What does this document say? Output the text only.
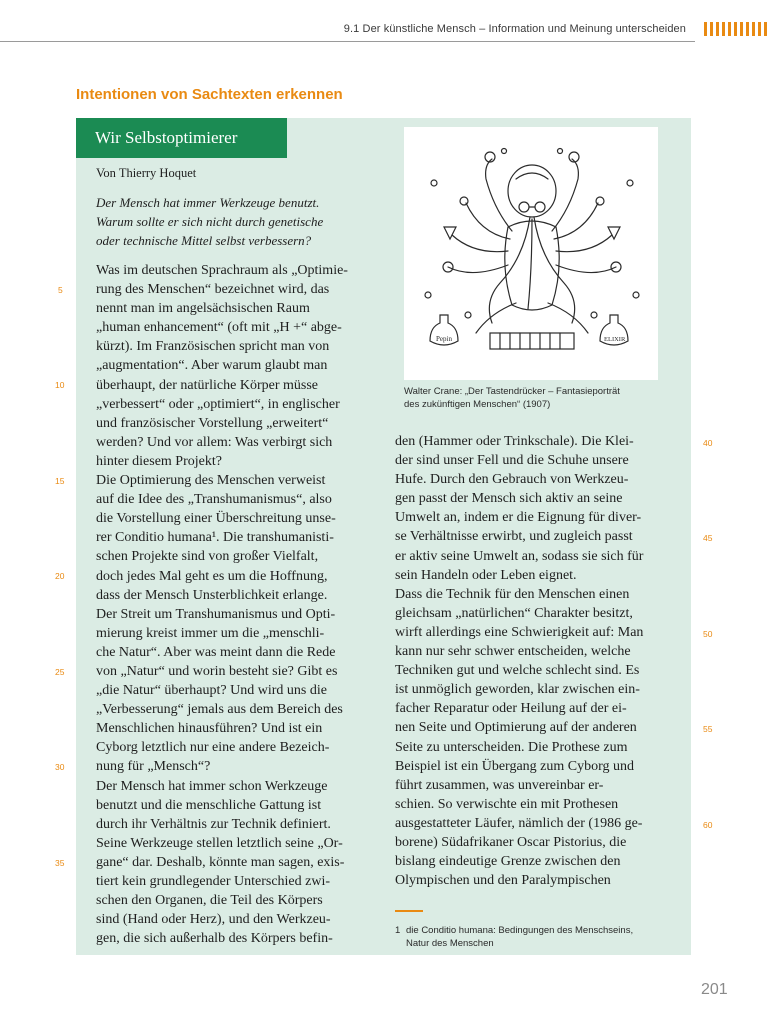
9.1 Der künstliche Mensch – Information und Meinung unterscheiden
Intentionen von Sachtexten erkennen
Wir Selbstoptimierer
Von Thierry Hoquet
Der Mensch hat immer Werkzeuge benutzt.
Warum sollte er sich nicht durch genetische
oder technische Mittel selbst verbessern?

Was im deutschen Sprachraum als „Optimie-

rung des Menschen“ bezeichnet wird, das

nennt man im angelsächsischen Raum

„human enhancement“ (oft mit „H +“ abge-

kürzt). Im Französischen spricht man von

„augmentation“. Aber warum glaubt man

überhaupt, der natürliche Körper müsse

„verbessert“ oder „optimiert“, in englischer

und französischer Vorstellung „erweitert“

werden? Und vor allem: Was verbirgt sich

hinter diesem Projekt?

Die Optimierung des Menschen verweist

auf die Idee des „Transhumanismus“, also

die Vorstellung einer Überschreitung unse-

rer Conditio humana¹. Die transhumanisti-

schen Projekte sind von großer Vielfalt,

doch jedes Mal geht es um die Hoffnung,

dass der Mensch Unsterblichkeit erlange.

Der Streit um Transhumanismus und Opti-

mierung kreist immer um die „menschli-

che Natur“. Aber was meint dann die Rede

von „Natur“ und worin besteht sie? Gibt es

„die Natur“ überhaupt? Und wird uns die

„Verbesserung“ jemals aus dem Bereich des

Menschlichen hinausführen? Und ist ein

Cyborg letztlich nur eine andere Bezeich-

nung für „Mensch“?

Der Mensch hat immer schon Werkzeuge

benutzt und die menschliche Gattung ist

durch ihr Verhältnis zur Technik definiert.

Seine Werkzeuge stellen letztlich seine „Or-

gane“ dar. Deshalb, könnte man sagen, exis-

tiert kein grundlegender Unterschied zwi-

schen den Organen, die Teil des Körpers

sind (Hand oder Herz), und den Werkzeu-

gen, die sich außerhalb des Körpers befin-

5
10
15
20
25
30
35
Pepin	ELIXIR
Walter Crane: „Der Tastendrücker – Fantasieporträt
des zukünftigen Menschen“ (1907)

den (Hammer oder Trinkschale). Die Klei-

der sind unser Fell und die Schuhe unsere

Hufe. Durch den Gebrauch von Werkzeu-

gen passt der Mensch sich aktiv an seine

Umwelt an, indem er die Eignung für diver-

se Verhältnisse erwirbt, und zugleich passt

er aktiv seine Umwelt an, sodass sie sich für

sein Handeln oder Leben eignet.

Dass die Technik für den Menschen einen

gleichsam „natürlichen“ Charakter besitzt,

wirft allerdings eine Schwierigkeit auf: Man

kann nur sehr schwer entscheiden, welche

Techniken gut und welche schlecht sind. Es

ist unmöglich geworden, klar zwischen ein-

facher Reparatur oder Heilung auf der ei-

nen Seite und Optimierung auf der anderen

Seite zu unterscheiden. Die Prothese zum

Beispiel ist ein Übergang zum Cyborg und

führt zusammen, was unvereinbar er-

schien. So verwischte ein mit Prothesen

ausgestatteter Läufer, nämlich der (1986 ge-

borene) Südafrikaner Oscar Pistorius, die

bislang eindeutige Grenze zwischen den

Olympischen und den Paralympischen

40
45
50
55
60
1 die Conditio humana: Bedingungen des Menschseins,
Natur des Menschen
201
